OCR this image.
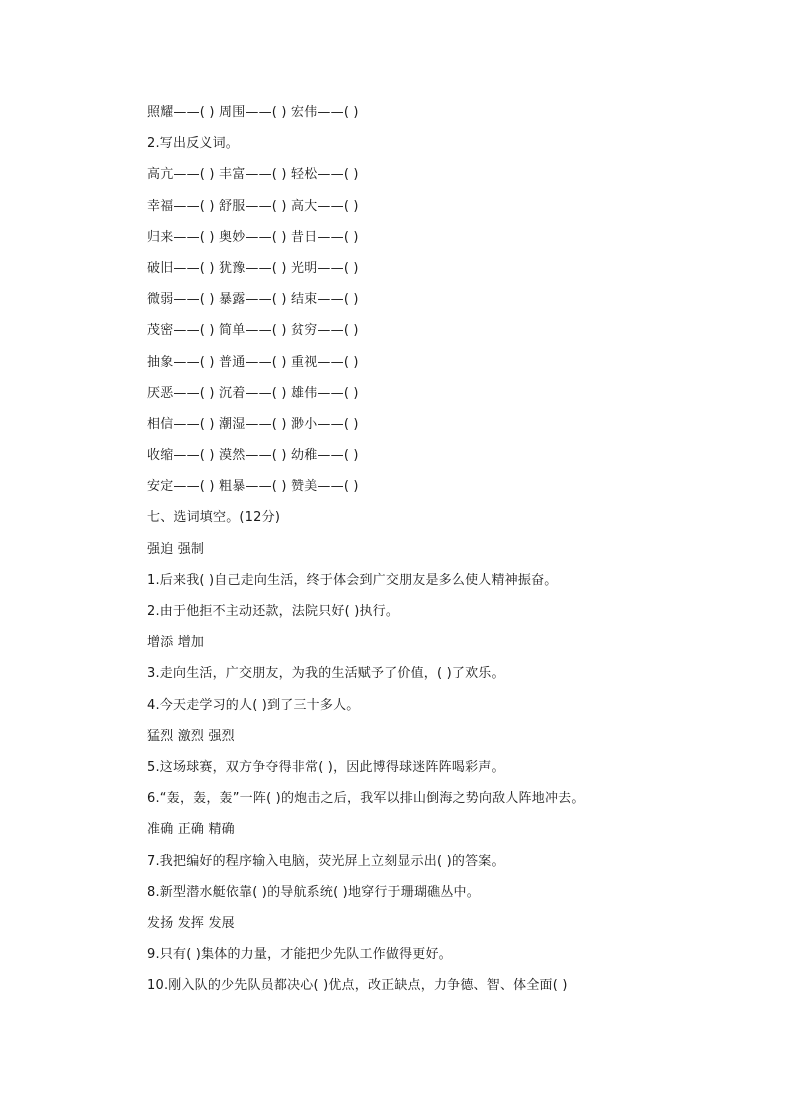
照耀——( ) 周围——( ) 宏伟——( )
2.写出反义词。
高亢——( ) 丰富——( ) 轻松——( )
幸福——( ) 舒服——( ) 高大——( )
归来——( ) 奥妙——( ) 昔日——( )
破旧——( ) 犹豫——( ) 光明——( )
微弱——( ) 暴露——( ) 结束——( )
茂密——( ) 简单——( ) 贫穷——( )
抽象——( ) 普通——( ) 重视——( )
厌恶——( ) 沉着——( ) 雄伟——( )
相信——( ) 潮湿——( ) 渺小——( )
收缩——( ) 漠然——( ) 幼稚——( )
安定——( ) 粗暴——( ) 赞美——( )
七、选词填空。(12分)
强迫 强制
1.后来我( )自己走向生活，终于体会到广交朋友是多么使人精神振奋。
2.由于他拒不主动还款，法院只好( )执行。
增添 增加
3.走向生活，广交朋友，为我的生活赋予了价值，( )了欢乐。
4.今天走学习的人( )到了三十多人。
猛烈 激烈 强烈
5.这场球赛，双方争夺得非常( )，因此博得球迷阵阵喝彩声。
6.“轰，轰，轰”一阵( )的炮击之后，我军以排山倒海之势向敌人阵地冲去。
准确 正确 精确
7.我把编好的程序输入电脑，荧光屏上立刻显示出( )的答案。
8.新型潜水艇依靠( )的导航系统( )地穿行于珊瑚礁丛中。
发扬 发挥 发展
9.只有( )集体的力量，才能把少先队工作做得更好。
10.刚入队的少先队员都决心( )优点，改正缺点，力争德、智、体全面( )
